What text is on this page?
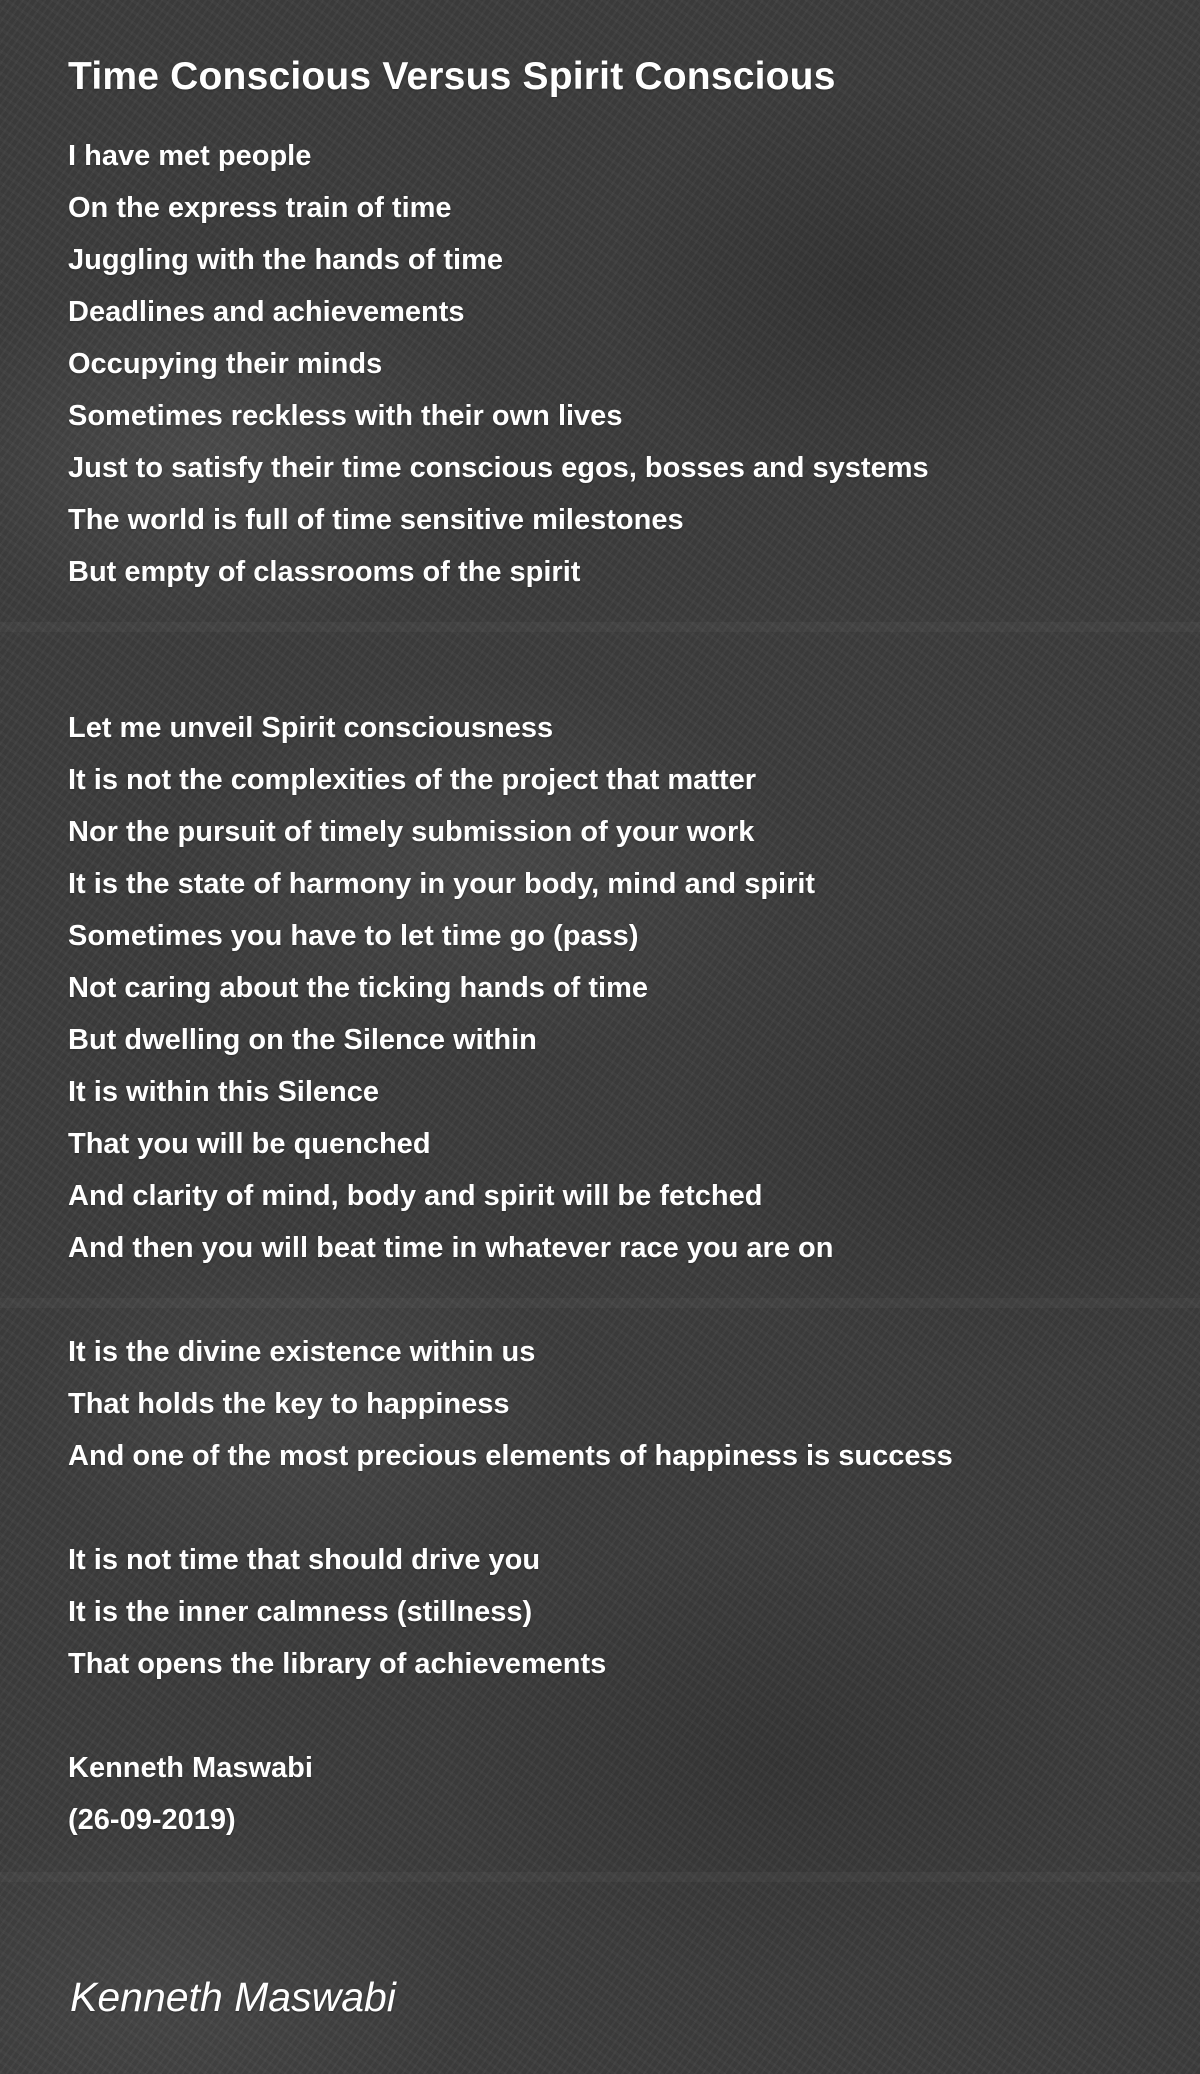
Time Conscious Versus Spirit Conscious
I have met people
On the express train of time
Juggling with the hands of time
Deadlines and achievements
Occupying their minds
Sometimes reckless with their own lives
Just to satisfy their time conscious egos, bosses and systems
The world is full of time sensitive milestones
But empty of classrooms of the spirit
Let me unveil Spirit consciousness
It is not the complexities of the project that matter
Nor the pursuit of timely submission of your work
It is the state of harmony in your body, mind and spirit
Sometimes you have to let time go (pass)
Not caring about the ticking hands of time
But dwelling on the Silence within
It is within this Silence
That you will be quenched
And clarity of mind, body and spirit will be fetched
And then you will beat time in whatever race you are on
It is the divine existence within us
That holds the key to happiness
And one of the most precious elements of happiness is success
It is not time that should drive you
It is the inner calmness (stillness)
That opens the library of achievements
Kenneth Maswabi
(26-09-2019)
Kenneth Maswabi
